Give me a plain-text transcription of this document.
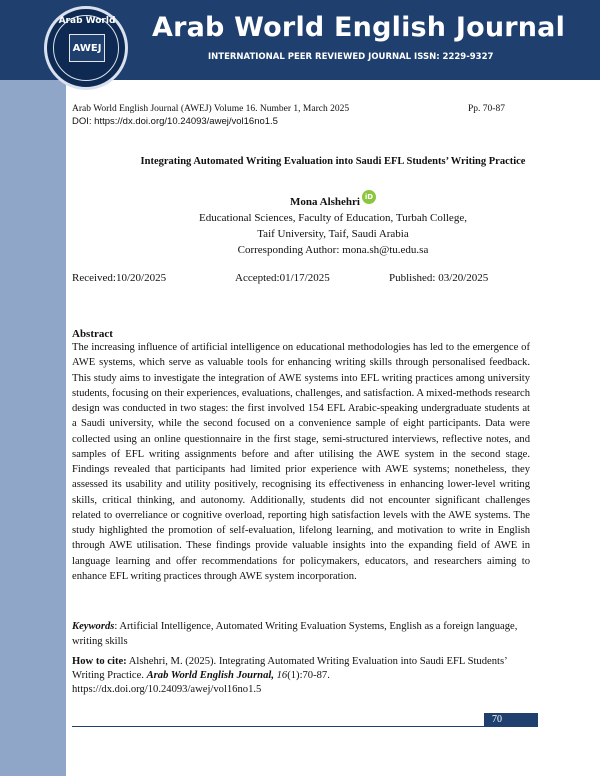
Arab World English Journal
INTERNATIONAL PEER REVIEWED JOURNAL ISSN: 2229-9327
Arab World
AWEJ
Arab World English Journal (AWEJ) Volume 16. Number 1, March 2025	Pp. 70-87
DOI: https://dx.doi.org/10.24093/awej/vol16no1.5
Integrating Automated Writing Evaluation into Saudi EFL Students’ Writing Practice
Mona Alshehri iD
Educational Sciences, Faculty of Education, Turbah College,
Taif University, Taif, Saudi Arabia
Corresponding Author: mona.sh@tu.edu.sa
Received:10/20/2025	Accepted:01/17/2025	Published: 03/20/2025
Abstract
The increasing influence of artificial intelligence on educational methodologies has led to the emergence of AWE systems, which serve as valuable tools for enhancing writing skills through personalised feedback. This study aims to investigate the integration of AWE systems into EFL writing practices among university students, focusing on their experiences, evaluations, challenges, and satisfaction. A mixed-methods research design was conducted in two stages: the first involved 154 EFL Arabic-speaking undergraduate students at a Saudi university, while the second focused on a convenience sample of eight participants. Data were collected using an online questionnaire in the first stage, semi-structured interviews, reflective notes, and samples of EFL writing assignments before and after utilising the AWE system in the second stage. Findings revealed that participants had limited prior experience with AWE systems; nonetheless, they assessed its usability and utility positively, recognising its effectiveness in enhancing lower-level writing skills, critical thinking, and autonomy. Additionally, students did not encounter significant challenges related to overreliance or cognitive overload, reporting high satisfaction levels with the AWE systems. The study highlighted the promotion of self-evaluation, lifelong learning, and motivation to write in English through AWE utilisation. These findings provide valuable insights into the expanding field of AWE in language learning and offer recommendations for policymakers, educators, and researchers aiming to enhance EFL writing practices through AWE system incorporation.
Keywords: Artificial Intelligence, Automated Writing Evaluation Systems, English as a foreign language, writing skills
How to cite: Alshehri, M. (2025). Integrating Automated Writing Evaluation into Saudi EFL Students’ Writing Practice. Arab World English Journal, 16(1):70-87.
https://dx.doi.org/10.24093/awej/vol16no1.5
70
